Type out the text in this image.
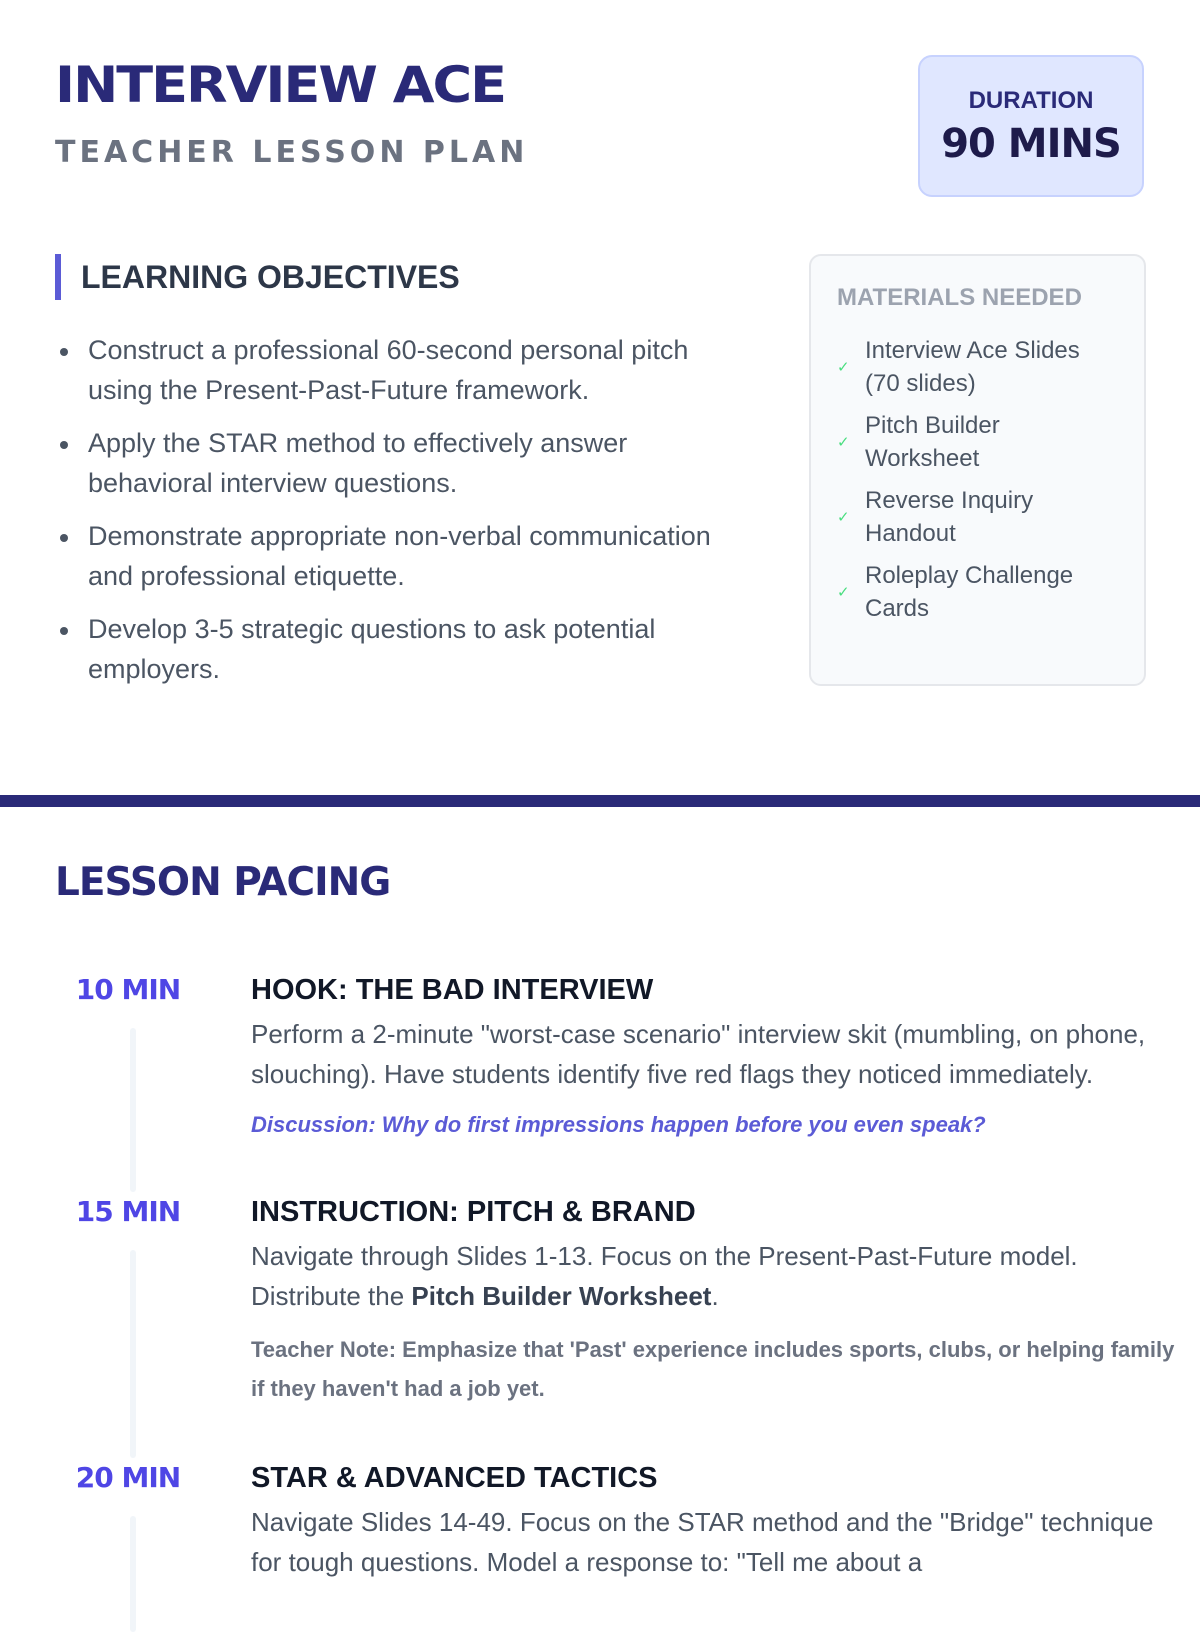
INTERVIEW ACE
TEACHER LESSON PLAN
DURATION
90 MINS
LEARNING OBJECTIVES
Construct a professional 60-second personal pitch using the Present-Past-Future framework.
Apply the STAR method to effectively answer behavioral interview questions.
Demonstrate appropriate non-verbal communication and professional etiquette.
Develop 3-5 strategic questions to ask potential employers.
MATERIALS NEEDED
✓
Interview Ace Slides (70 slides)
✓
Pitch Builder Worksheet
✓
Reverse Inquiry Handout
✓
Roleplay Challenge Cards
LESSON PACING
10 MIN	HOOK: THE BAD INTERVIEW

Perform a 2-minute "worst-case scenario" interview skit (mumbling, on phone, slouching). Have students identify five red flags they noticed immediately.

Discussion: Why do first impressions happen before you even speak?
15 MIN	INSTRUCTION: PITCH & BRAND

Navigate through Slides 1-13. Focus on the Present-Past-Future model. Distribute the Pitch Builder Worksheet.

Teacher Note: Emphasize that 'Past' experience includes sports, clubs, or helping family if they haven't had a job yet.
20 MIN	STAR & ADVANCED TACTICS

Navigate Slides 14-49. Focus on the STAR method and the "Bridge" technique for tough questions. Model a response to: "Tell me about a
